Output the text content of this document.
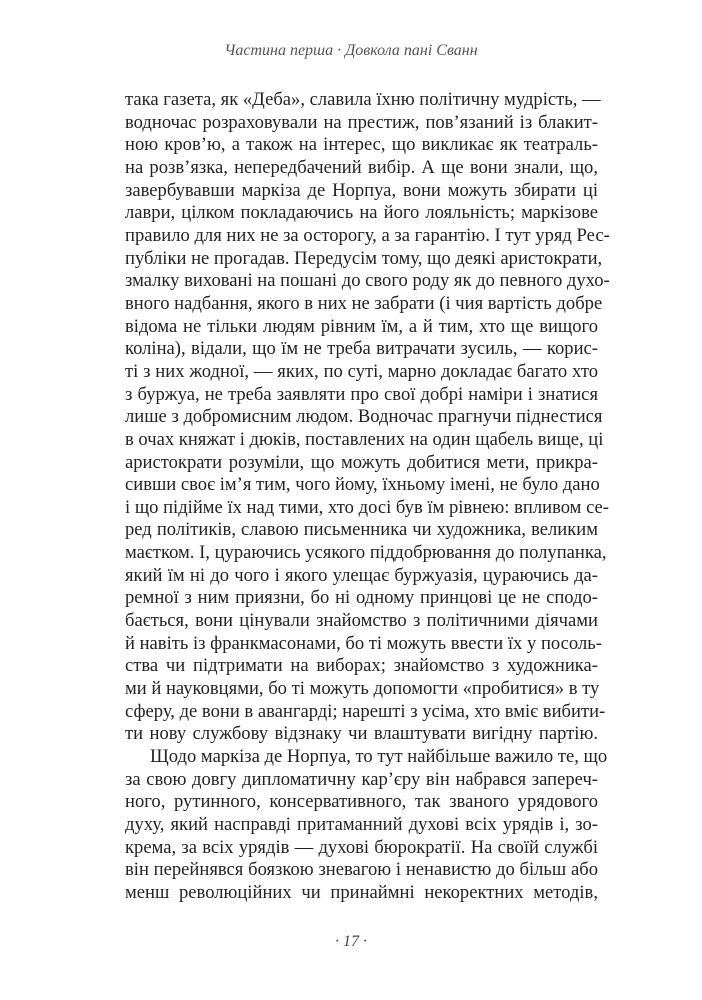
Частина перша · Довкола пані Сванн
така газета, як «Деба», славила їхню політичну мудрість, —
водночас розраховували на престиж, пов’язаний із блакит-
ною кров’ю, а також на інтерес, що викликає як театраль-
на розв’язка, непередбачений вибір. А ще вони знали, що,
завербувавши маркіза де Норпуа, вони можуть збирати ці
лаври, цілком покладаючись на його лояльність; маркізове
правило для них не за осторогу, а за гарантію. І тут уряд Рес-
публіки не прогадав. Передусім тому, що деякі аристократи,
змалку виховані на пошані до свого роду як до певного духо-
вного надбання, якого в них не забрати (і чия вартість добре
відома не тільки людям рівним їм, а й тим, хто ще вищого
коліна), відали, що їм не треба витрачати зусиль, — корис-
ті з них жодної, — яких, по суті, марно докладає багато хто
з буржуа, не треба заявляти про свої добрі наміри і знатися
лише з добромисним людом. Водночас прагнучи піднестися
в очах княжат і дюків, поставлених на один щабель вище, ці
аристократи розуміли, що можуть добитися мети, прикра-
сивши своє ім’я тим, чого йому, їхньому імені, не було дано
і що підійме їх над тими, хто досі був їм рівнею: впливом се-
ред політиків, славою письменника чи художника, великим
маєтком. І, цураючись усякого піддобрювання до полупанка,
який їм ні до чого і якого улещає буржуазія, цураючись да-
ремної з ним приязни, бо ні одному принцові це не сподо-
бається, вони цінували знайомство з політичними діячами
й навіть із франкмасонами, бо ті можуть ввести їх у посоль-
ства чи підтримати на виборах; знайомство з художника-
ми й науковцями, бо ті можуть допомогти «пробитися» в ту
сферу, де вони в авангарді; нарешті з усіма, хто вміє вибити-
ти нову службову відзнаку чи влаштувати вигідну партію.
Щодо маркіза де Норпуа, то тут найбільше важило те, що
за свою довгу дипломатичну кар’єру він набрався запереч-
ного, рутинного, консервативного, так званого урядового
духу, який насправді притаманний духові всіх урядів і, зо-
крема, за всіх урядів — духові бюрократії. На своїй службі
він перейнявся боязкою зневагою і ненавистю до більш або
менш революційних чи принаймні некоректних методів,
· 17 ·
